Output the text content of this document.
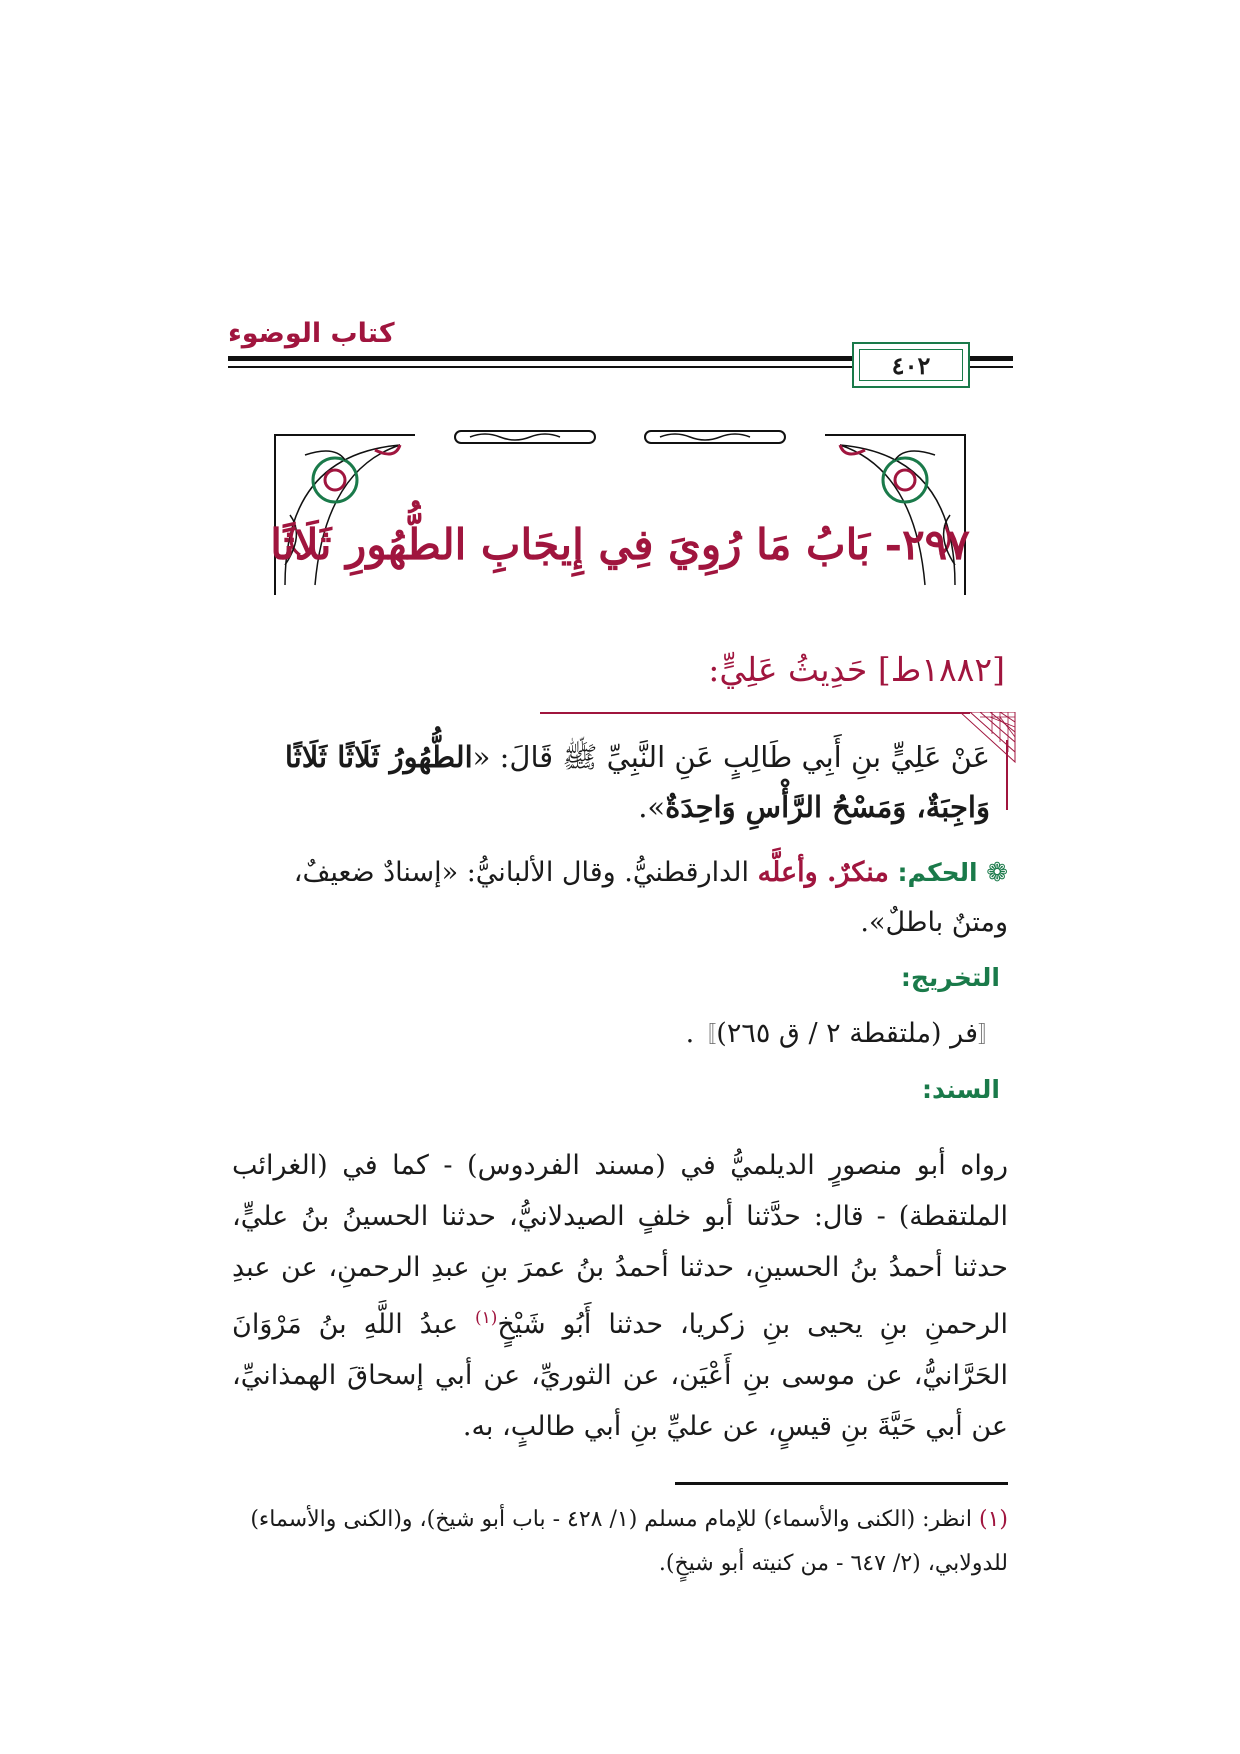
كتاب الوضوء
٤٠٢
٢٩٧- بَابُ مَا رُوِيَ فِي إِيجَابِ الطُّهُورِ ثَلَاثًا
[١٨٨٢ط] حَدِيثُ عَلِيٍّ:
عَنْ عَلِيٍّ بنِ أَبِي طَالِبٍ عَنِ النَّبِيِّ ﷺ قَالَ: «الطُّهُورُ ثَلَاثًا ثَلَاثًا وَاجِبَةٌ، وَمَسْحُ الرَّأْسِ وَاحِدَةٌ».
❁ الحكم: منكرٌ. وأعلَّه الدارقطنيُّ. وقال الألبانيُّ: «إسنادٌ ضعيفٌ، ومتنٌ باطلٌ».
التخريج:
〚فر (ملتقطة ٢ / ق ٢٦٥)〛.
السند:
رواه أبو منصورٍ الديلميُّ في (مسند الفردوس) - كما في (الغرائب الملتقطة) - قال: حدَّثنا أبو خلفٍ الصيدلانيُّ، حدثنا الحسينُ بنُ عليٍّ، حدثنا أحمدُ بنُ الحسينِ، حدثنا أحمدُ بنُ عمرَ بنِ عبدِ الرحمنِ، عن عبدِ الرحمنِ بنِ يحيى بنِ زكريا، حدثنا أَبُو شَيْخٍ$^{(١)}$ عبدُ اللَّهِ بنُ مَرْوَانَ الحَرَّانيُّ، عن موسى بنِ أَعْيَن، عن الثوريِّ، عن أبي إسحاقَ الهمذانيِّ، عن أبي حَيَّةَ بنِ قيسٍ، عن عليِّ بنِ أبي طالبٍ، به.
(١) انظر: (الكنى والأسماء) للإمام مسلم (١/ ٤٢٨ - باب أبو شيخ)، و(الكنى والأسماء) للدولابي، (٢/ ٦٤٧ - من كنيته أبو شيخٍ).
